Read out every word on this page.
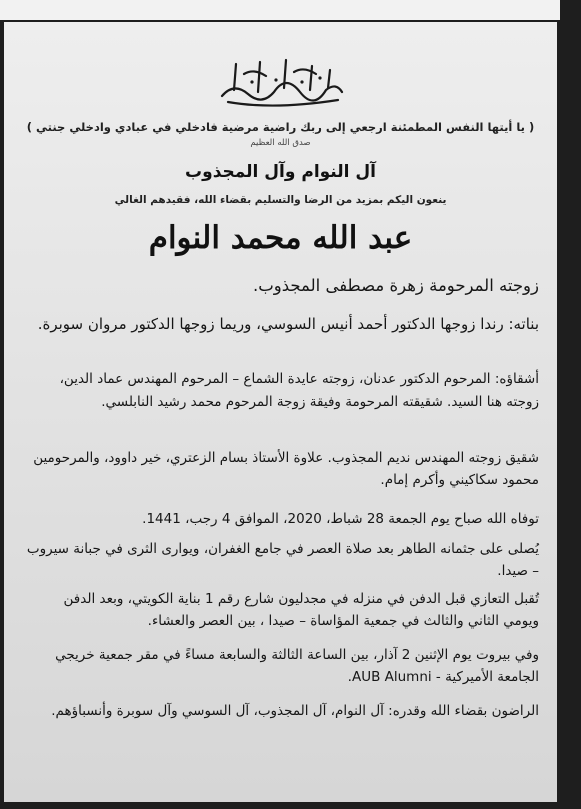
( يا أيتها النفس المطمئنة ارجعي إلى ربك راضية مرضية فادخلي في عبادي وادخلي جنتي )
صدق الله العظيم
آل النوام وآل المجذوب
ينعون اليكم بمزيد من الرضا والتسليم بقضاء الله، فقيدهم الغالي
عبد الله محمد النوام
زوجته المرحومة زهرة مصطفى المجذوب.
بناته: رندا زوجها الدكتور أحمد أنيس السوسي، وريما زوجها الدكتور مروان سوبرة.
أشقاؤه: المرحوم الدكتور عدنان، زوجته عايدة الشماع – المرحوم المهندس عماد الدين، زوجته هنا السيد. شقيقته المرحومة وفيقة زوجة المرحوم محمد رشيد النابلسي.
شقيق زوجته المهندس نديم المجذوب. علاوة الأستاذ بسام الزعتري، خير داوود، والمرحومين محمود سكاكيني وأكرم إمام.
توفاه الله صباح يوم الجمعة 28 شباط، 2020، الموافق 4 رجب، 1441.
يُصلى على جثمانه الطاهر بعد صلاة العصر في جامع الغفران، ويوارى الثرى في جبانة سيروب – صيدا.
تُقبل التعازي قبل الدفن في منزله في مجدليون شارع رقم 1 بناية الكويتي، وبعد الدفن ويومي الثاني والثالث في جمعية المؤاساة – صيدا ، بين العصر والعشاء.
وفي بيروت يوم الإثنين 2 آذار، بين الساعة الثالثة والسابعة مساءً في مقر جمعية خريجي الجامعة الأميركية - AUB Alumni.
الراضون بقضاء الله وقدره: آل النوام، آل المجذوب، آل السوسي وآل سوبرة وأنسباؤهم.
